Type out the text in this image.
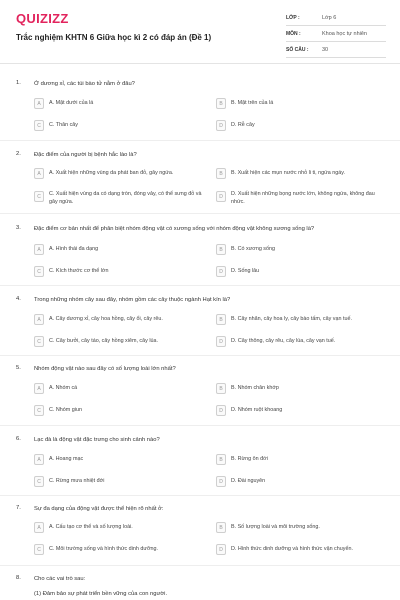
QUIZIZZ
Trắc nghiệm KHTN 6 Giữa học kì 2 có đáp án (Đề 1)
LỚP :	Lớp 6
MÔN :	Khoa học tự nhiên
SỐ CÂU :	30
1.	Ở dương xỉ, các túi bào tử nằm ở đâu?
A	A. Mặt dưới của lá	B	B. Mặt trên của lá
C	C. Thân cây	D	D. Rễ cây
2.	Đặc điểm của người bị bệnh hắc lào là?
A	A. Xuất hiện những vùng da phát ban đỏ, gây ngứa.	B	B. Xuất hiện các mụn nước nhỏ li ti, ngứa ngáy.
C	C. Xuất hiện vùng da có dạng tròn, đóng vảy, có thể sưng đỏ và gây ngứa.
D	D. Xuất hiện những bọng nước lớn, không ngứa, không đau nhức.
3.	Đặc điểm cơ bản nhất để phân biệt nhóm động vật có xương sống với nhóm động vật không xương sống là?
A	A. Hình thái đa dạng	B	B. Có xương sống
C	C. Kích thước cơ thể lớn	D	D. Sống lâu
4.	Trong những nhóm cây sau đây, nhóm gồm các cây thuộc ngành Hạt kín là?
A	A. Cây dương xỉ, cây hoa hồng, cây ổi, cây rêu.	B	B. Cây nhãn, cây hoa ly, cây bào tấm, cây vạn tuế.
C	C. Cây bưởi, cây táo, cây hồng xiêm, cây lúa.	D	D. Cây thông, cây rêu, cây lúa, cây vạn tuế.
5.	Nhóm động vật nào sau đây có số lượng loài lớn nhất?
A	A. Nhóm cá	B	B. Nhóm chân khớp
C	C. Nhóm giun	D	D. Nhóm ruột khoang
6.	Lạc đà là động vật đặc trưng cho sinh cảnh nào?
A	A. Hoang mạc	B	B. Rừng ôn đới
C	C. Rừng mưa nhiệt đới	D	D. Đài nguyên
7.	Sự đa dạng của động vật được thể hiện rõ nhất ở:
A	A. Cấu tạo cơ thể và số lượng loài.	B	B. Số lượng loài và môi trường sống.
C	C. Môi trường sống và hình thức dinh dưỡng.	D	D. Hình thức dinh dưỡng và hình thức vận chuyển.
8.	Cho các vai trò sau:
(1) Đảm bảo sự phát triển bền vững của con người.
